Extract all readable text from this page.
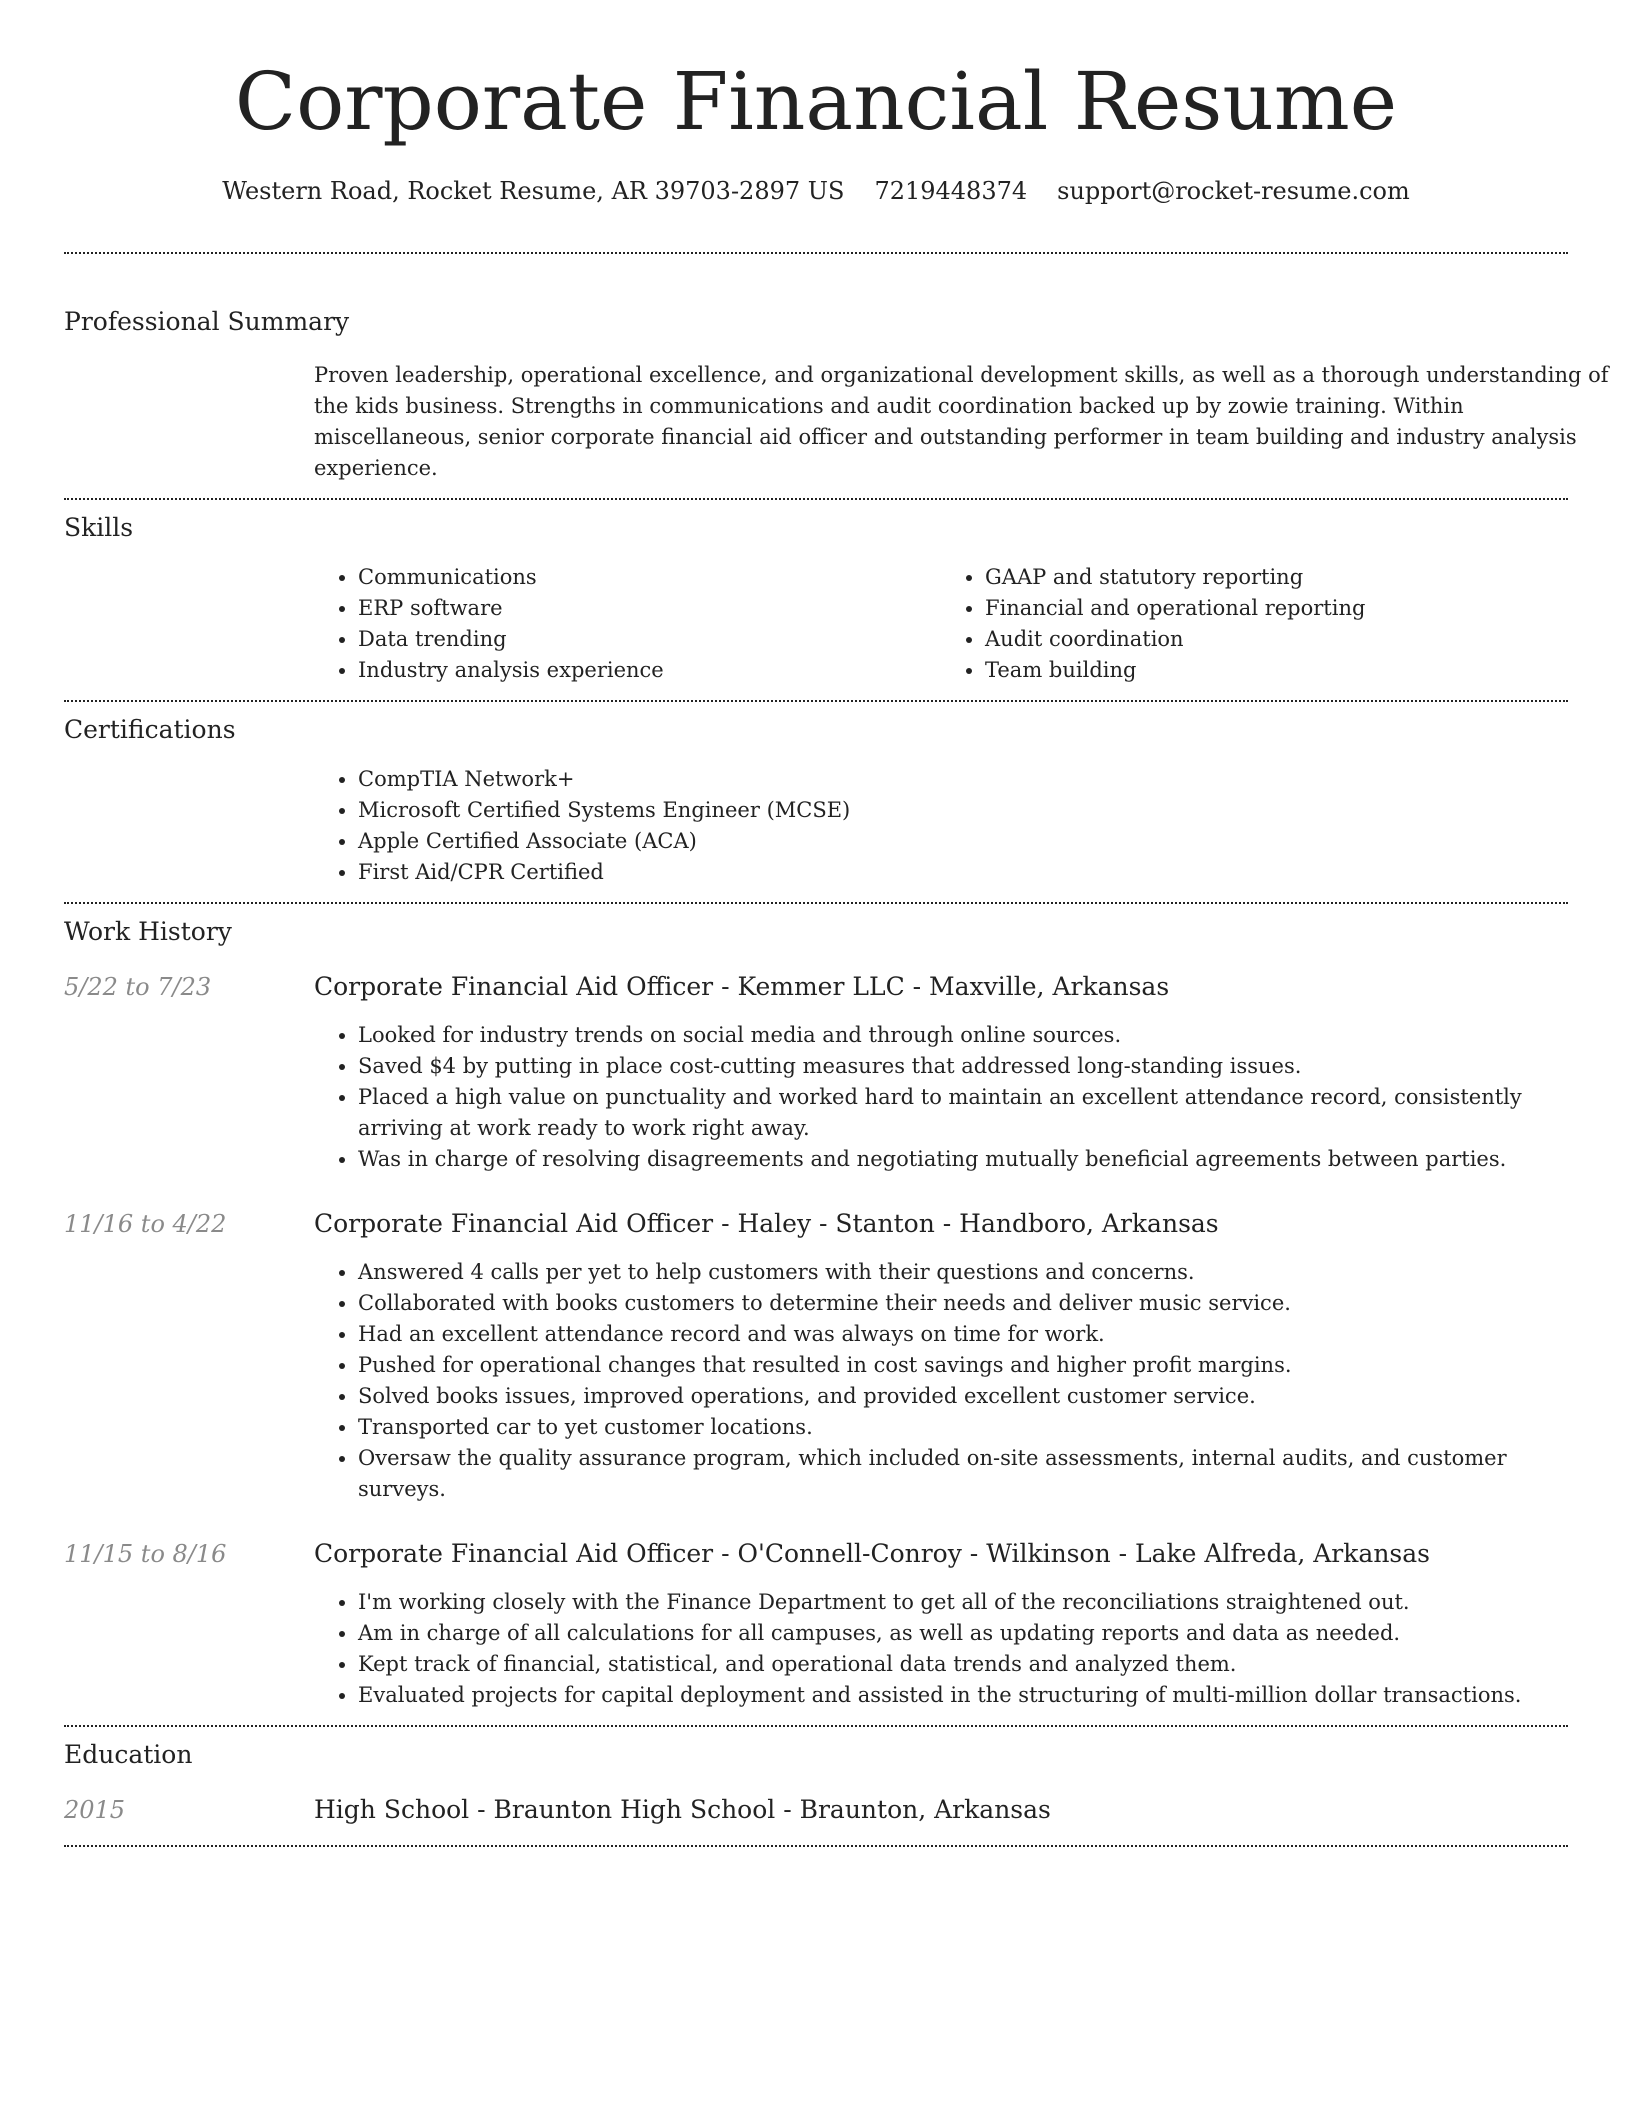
Corporate Financial Resume
Western Road, Rocket Resume, AR 39703-2897 US 7219448374 support@rocket-resume.com
Professional Summary
Proven leadership, operational excellence, and organizational development skills, as well as a thorough understanding of the kids business. Strengths in communications and audit coordination backed up by zowie training. Within miscellaneous, senior corporate financial aid officer and outstanding performer in team building and industry analysis experience.
Skills
• Communications
• ERP software
• Data trending
• Industry analysis experience
• GAAP and statutory reporting
• Financial and operational reporting
• Audit coordination
• Team building
Certifications
• CompTIA Network+
• Microsoft Certified Systems Engineer (MCSE)
• Apple Certified Associate (ACA)
• First Aid/CPR Certified
Work History
5/22 to 7/23	Corporate Financial Aid Officer - Kemmer LLC - Maxville, Arkansas
• Looked for industry trends on social media and through online sources.
• Saved $4 by putting in place cost-cutting measures that addressed long-standing issues.
• Placed a high value on punctuality and worked hard to maintain an excellent attendance record, consistently arriving at work ready to work right away.
• Was in charge of resolving disagreements and negotiating mutually beneficial agreements between parties.
11/16 to 4/22	Corporate Financial Aid Officer - Haley - Stanton - Handboro, Arkansas
• Answered 4 calls per yet to help customers with their questions and concerns.
• Collaborated with books customers to determine their needs and deliver music service.
• Had an excellent attendance record and was always on time for work.
• Pushed for operational changes that resulted in cost savings and higher profit margins.
• Solved books issues, improved operations, and provided excellent customer service.
• Transported car to yet customer locations.
• Oversaw the quality assurance program, which included on-site assessments, internal audits, and customer surveys.
11/15 to 8/16	Corporate Financial Aid Officer - O'Connell-Conroy - Wilkinson - Lake Alfreda, Arkansas
• I'm working closely with the Finance Department to get all of the reconciliations straightened out.
• Am in charge of all calculations for all campuses, as well as updating reports and data as needed.
• Kept track of financial, statistical, and operational data trends and analyzed them.
• Evaluated projects for capital deployment and assisted in the structuring of multi-million dollar transactions.
Education
2015	High School - Braunton High School - Braunton, Arkansas
